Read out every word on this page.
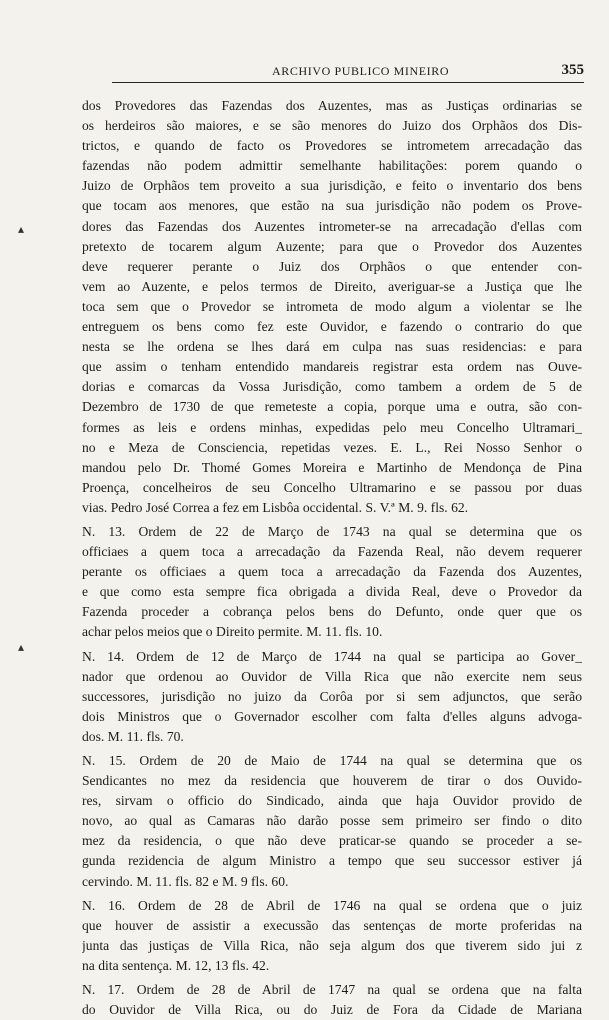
ARCHIVO PUBLICO MINEIRO	355
▴
▴
dos Provedores das Fazendas dos Auzentes, mas as Justiças ordinarias se
os herdeiros são maiores, e se são menores do Juizo dos Orphãos dos Dis-
trictos, e quando de facto os Provedores se intrometem arrecadação das
fazendas não podem admittir semelhante habilitações: porem quando o
Juizo de Orphãos tem proveito a sua jurisdição, e feito o inventario dos bens
que tocam aos menores, que estão na sua jurisdição não podem os Prove-
dores das Fazendas dos Auzentes intrometer-se na arrecadação d'ellas com
pretexto de tocarem algum Auzente; para que o Provedor dos Auzentes
deve requerer perante o Juiz dos Orphãos o que entender con-
vem ao Auzente, e pelos termos de Direito, averiguar-se a Justiça que lhe
toca sem que o Provedor se intrometa de modo algum a violentar se lhe
entreguem os bens como fez este Ouvidor, e fazendo o contrario do que
nesta se lhe ordena se lhes dará em culpa nas suas residencias: e para
que assim o tenham entendido mandareis registrar esta ordem nas Ouve-
dorias e comarcas da Vossa Jurisdição, como tambem a ordem de 5 de
Dezembro de 1730 de que remeteste a copia, porque uma e outra, são con-
formes as leis e ordens minhas, expedidas pelo meu Concelho Ultramari_
no e Meza de Consciencia, repetidas vezes. E. L., Rei Nosso Senhor o
mandou pelo Dr. Thomé Gomes Moreira e Martinho de Mendonça de Pina
Proença, concelheiros de seu Concelho Ultramarino e se passou por duas
vias. Pedro José Correa a fez em Lisbôa occidental. S. V.ª M. 9. fls. 62.
N. 13. Ordem de 22 de Março de 1743 na qual se determina que os
officiaes a quem toca a arrecadação da Fazenda Real, não devem requerer
perante os officiaes a quem toca a arrecadação da Fazenda dos Auzentes,
e que como esta sempre fica obrigada a divida Real, deve o Provedor da
Fazenda proceder a cobrança pelos bens do Defunto, onde quer que os
achar pelos meios que o Direito permite. M. 11. fls. 10.
N. 14. Ordem de 12 de Março de 1744 na qual se participa ao Gover_
nador que ordenou ao Ouvidor de Villa Rica que não exercite nem seus
successores, jurisdição no juizo da Corôa por si sem adjunctos, que serão
dois Ministros que o Governador escolher com falta d'elles alguns advoga-
dos. M. 11. fls. 70.
N. 15. Ordem de 20 de Maio de 1744 na qual se determina que os
Sendicantes no mez da residencia que houverem de tirar o dos Ouvido-
res, sirvam o officio do Sindicado, ainda que haja Ouvidor provido de
novo, ao qual as Camaras não darão posse sem primeiro ser findo o dito
mez da residencia, o que não deve praticar-se quando se proceder a se-
gunda rezidencia de algum Ministro a tempo que seu successor estiver já
cervindo. M. 11. fls. 82 e M. 9 fls. 60.
N. 16. Ordem de 28 de Abril de 1746 na qual se ordena que o juiz
que houver de assistir a execussão das sentenças de morte proferidas na
junta das justiças de Villa Rica, não seja algum dos que tiverem sido jui z
na dita sentença. M. 12, 13 fls. 42.
N. 17. Ordem de 28 de Abril de 1747 na qual se ordena que na falta
do Ouvidor de Villa Rica, ou do Juiz de Fora da Cidade de Mariana
